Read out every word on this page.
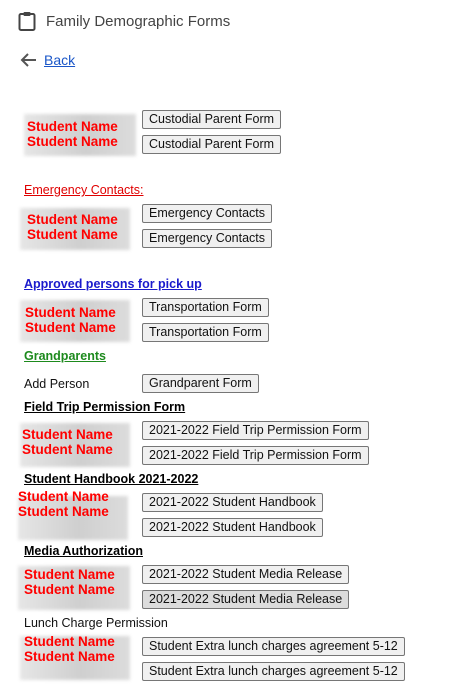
Family Demographic Forms
Back
Student Name
Student Name
Custodial Parent Form
Custodial Parent Form
Emergency Contacts:
Student Name
Student Name
Emergency Contacts
Emergency Contacts
Approved persons for pick up
Student Name
Student Name
Transportation Form
Transportation Form
Grandparents
Add Person	Grandparent Form
Field Trip Permission Form
Student Name
Student Name
2021-2022 Field Trip Permission Form
2021-2022 Field Trip Permission Form
Student Handbook 2021-2022
Student Name
Student Name
2021-2022 Student Handbook
2021-2022 Student Handbook
Media Authorization
Student Name
Student Name
2021-2022 Student Media Release
2021-2022 Student Media Release
Lunch Charge Permission
Student Name
Student Name
Student Extra lunch charges agreement 5-12
Student Extra lunch charges agreement 5-12
